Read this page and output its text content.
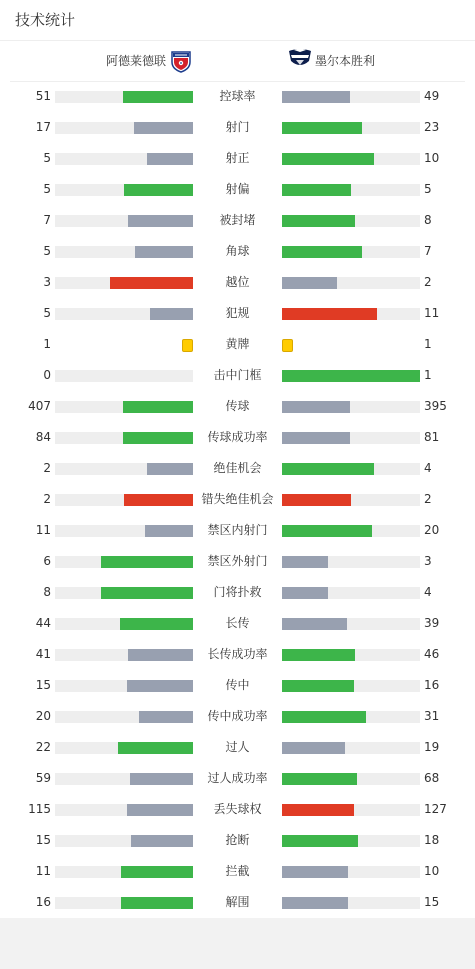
技术统计
阿德莱德联	墨尔本胜利
51	控球率	49
17	射门	23
5	射正	10
5	射偏	5
7	被封堵	8
5	角球	7
3	越位	2
5	犯规	11
1	黄牌	1
0	击中门框	1
407	传球	395
84	传球成功率	81
2	绝佳机会	4
2	错失绝佳机会	2
11	禁区内射门	20
6	禁区外射门	3
8	门将扑救	4
44	长传	39
41	长传成功率	46
15	传中	16
20	传中成功率	31
22	过人	19
59	过人成功率	68
115	丢失球权	127
15	抢断	18
11	拦截	10
16	解围	15
